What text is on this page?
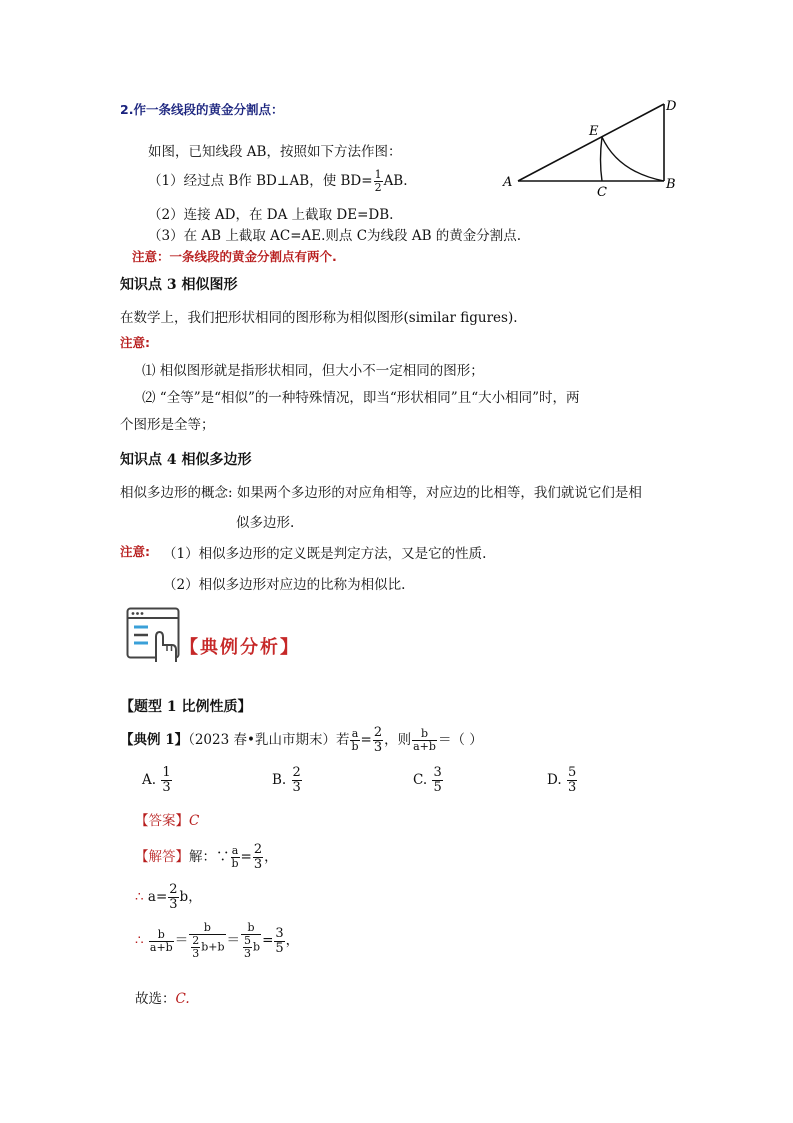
2.作一条线段的黄金分割点：
如图，已知线段 AB，按照如下方法作图：
（1）经过点 B作 BD⊥AB，使 $BD= \frac{1}{2}$ AB.
（2）连接 AD，在 DA 上截取 DE=DB.
（3）在 AB 上截取 AC=AE.则点 C为线段 AB 的黄金分割点.
注意：一条线段的黄金分割点有两个.
A	B
C
D
E
知识点 3 相似图形
在数学上，我们把形状相同的图形称为相似图形(similar figures).
注意:
⑴ 相似图形就是指形状相同，但大小不一定相同的图形；
⑵ “全等”是“相似”的一种特殊情况，即当“形状相同”且“大小相同”时，两
个图形是全等；
知识点 4 相似多边形
相似多边形的概念: 如果两个多边形的对应角相等，对应边的比相等，我们就说它们是相
似多边形.
注意: （1）相似多边形的定义既是判定方法，又是它的性质.
（2）相似多边形对应边的比称为相似比.
【典例分析】
【题型 1 比例性质】
【典例 1】（2023 春•乳山市期末）若 $\frac{a}{b} = \frac{2}{3}$ ，则 $\frac{b}{a+b}$ ＝（ ）
A. $\frac{1}{3}$	B. $\frac{2}{3}$	C. $\frac{3}{5}$	D. $\frac{5}{3}$
【答案】C
【解答】解：∵ $\frac{a}{b} = \frac{2}{3}$ ，
∴ $a= \frac{2}{3}$ b，
∴ $\frac{b}{a+b} = \frac{b}{\frac{2}{3} b+b} = \frac{b}{\frac{5}{3} b} = \frac{3}{5}$ ，
故选：C.
